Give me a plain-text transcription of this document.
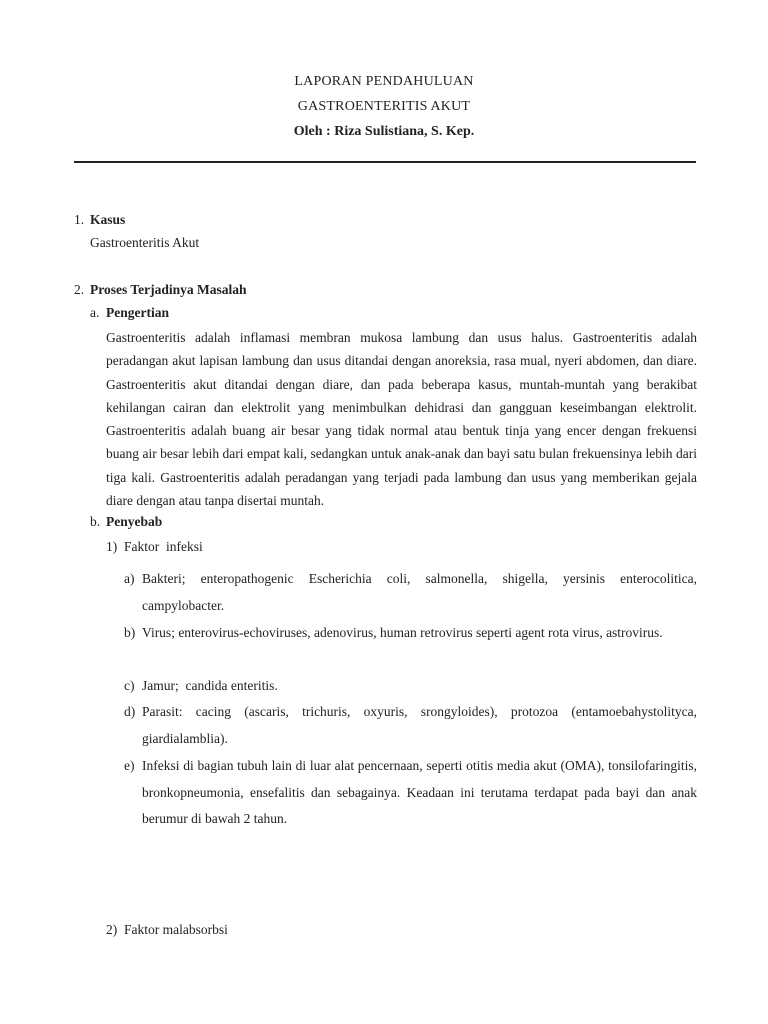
LAPORAN PENDAHULUAN
GASTROENTERITIS AKUT
Oleh : Riza Sulistiana, S. Kep.
1. Kasus
Gastroenteritis Akut
2. Proses Terjadinya Masalah
a. Pengertian
Gastroenteritis adalah inflamasi membran mukosa lambung dan usus halus. Gastroenteritis adalah peradangan akut lapisan lambung dan usus ditandai dengan anoreksia, rasa mual, nyeri abdomen, dan diare. Gastroenteritis akut ditandai dengan diare, dan pada beberapa kasus, muntah-muntah yang berakibat kehilangan cairan dan elektrolit yang menimbulkan dehidrasi dan gangguan keseimbangan elektrolit. Gastroenteritis adalah buang air besar yang tidak normal atau bentuk tinja yang encer dengan frekuensi buang air besar lebih dari empat kali, sedangkan untuk anak-anak dan bayi satu bulan frekuensinya lebih dari tiga kali. Gastroenteritis adalah peradangan yang terjadi pada lambung dan usus yang memberikan gejala diare dengan atau tanpa disertai muntah.
b. Penyebab
1) Faktor  infeksi
a) Bakteri; enteropathogenic Escherichia coli, salmonella, shigella, yersinis enterocolitica, campylobacter.
b) Virus; enterovirus-echoviruses, adenovirus, human retrovirus seperti agent rota virus, astrovirus.
c) Jamur;  candida enteritis.
d) Parasit: cacing (ascaris, trichuris, oxyuris, srongyloides), protozoa (entamoebahystolityca, giardialamblia).
e) Infeksi di bagian tubuh lain di luar alat pencernaan, seperti otitis media akut (OMA), tonsilofaringitis, bronkopneumonia, ensefalitis dan sebagainya. Keadaan ini terutama terdapat pada bayi dan anak berumur di bawah 2 tahun.
2) Faktor malabsorbsi
